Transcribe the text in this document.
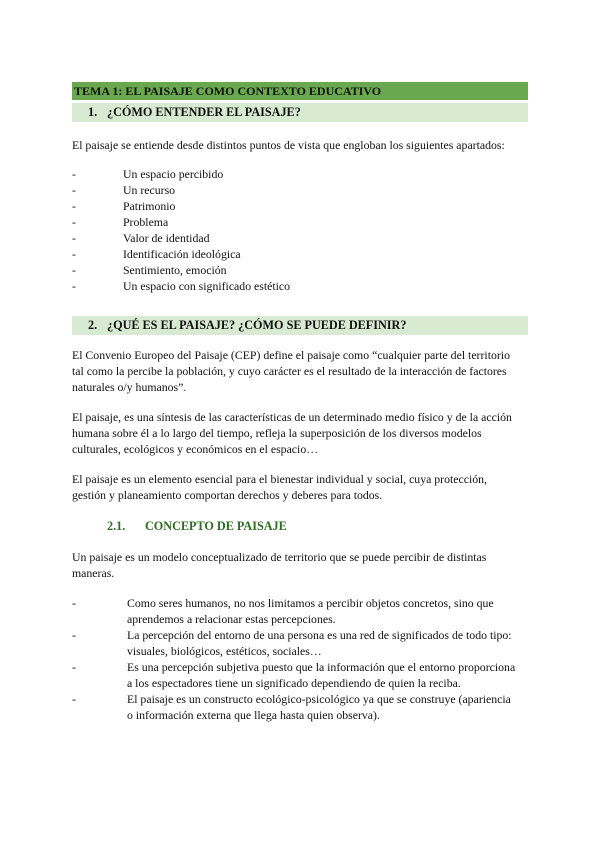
TEMA 1: EL PAISAJE COMO CONTEXTO EDUCATIVO
1. ¿CÓMO ENTENDER EL PAISAJE?

El paisaje se entiende desde distintos puntos de vista que engloban los siguientes apartados:

-	Un espacio percibido
-	Un recurso
-	Patrimonio
-	Problema
-	Valor de identidad
-	Identificación ideológica
-	Sentimiento, emoción
-	Un espacio con significado estético
2. ¿QUÉ ES EL PAISAJE? ¿CÓMO SE PUEDE DEFINIR?

El Convenio Europeo del Paisaje (CEP) define el paisaje como “cualquier parte del territorio

tal como la percibe la población, y cuyo carácter es el resultado de la interacción de factores

naturales o/y humanos”.

El paisaje, es una síntesis de las características de un determinado medio físico y de la acción

humana sobre él a lo largo del tiempo, refleja la superposición de los diversos modelos

culturales, ecológicos y económicos en el espacio…

El paisaje es un elemento esencial para el bienestar individual y social, cuya protección,

gestión y planeamiento comportan derechos y deberes para todos.

2.1.	CONCEPTO DE PAISAJE

Un paisaje es un modelo conceptualizado de territorio que se puede percibir de distintas

maneras.

-	Como seres humanos, no nos limitamos a percibir objetos concretos, sino que
aprendemos a relacionar estas percepciones.
-	La percepción del entorno de una persona es una red de significados de todo tipo:
visuales, biológicos, estéticos, sociales…
-	Es una percepción subjetiva puesto que la información que el entorno proporciona
a los espectadores tiene un significado dependiendo de quien la reciba.
-	El paisaje es un constructo ecológico-psicológico ya que se construye (apariencia
o información externa que llega hasta quien observa).
